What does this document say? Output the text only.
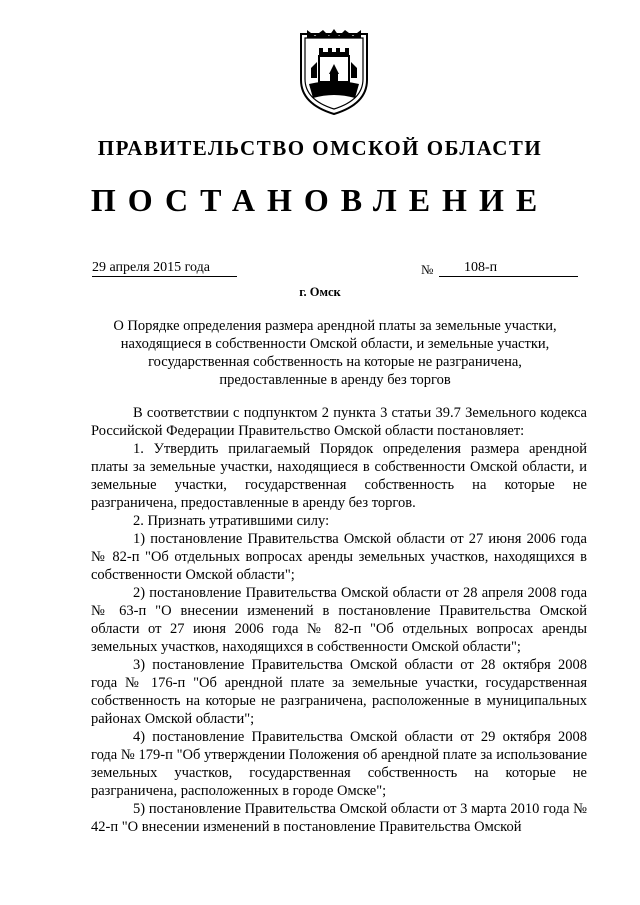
ПРАВИТЕЛЬСТВО ОМСКОЙ ОБЛАСТИ
ПОСТАНОВЛЕНИЕ
29 апреля 2015 года	№ 108-п
г. Омск
О Порядке определения размера арендной платы за земельные участки,
находящиеся в собственности Омской области, и земельные участки,
государственная собственность на которые не разграничена,
предоставленные в аренду без торгов

В соответствии с подпунктом 2 пункта 3 статьи 39.7 Земельного кодекса Российской Федерации Правительство Омской области постановляет:

1. Утвердить прилагаемый Порядок определения размера арендной платы за земельные участки, находящиеся в собственности Омской области, и земельные участки, государственная собственность на которые не разграничена, предоставленные в аренду без торгов.

2. Признать утратившими силу:

1) постановление Правительства Омской области от 27 июня 2006 года № 82-п "Об отдельных вопросах аренды земельных участков, находящихся в собственности Омской области";

2) постановление Правительства Омской области от 28 апреля 2008 года № 63-п "О внесении изменений в постановление Правительства Омской области от 27 июня 2006 года № 82-п "Об отдельных вопросах аренды земельных участков, находящихся в собственности Омской области";

3) постановление Правительства Омской области от 28 октября 2008 года № 176-п "Об арендной плате за земельные участки, государственная собственность на которые не разграничена, расположенные в муниципальных районах Омской области";

4) постановление Правительства Омской области от 29 октября 2008 года № 179-п "Об утверждении Положения об арендной плате за использование земельных участков, государственная собственность на которые не разграничена, расположенных в городе Омске";

5) постановление Правительства Омской области от 3 марта 2010 года № 42-п "О внесении изменений в постановление Правительства Омской
